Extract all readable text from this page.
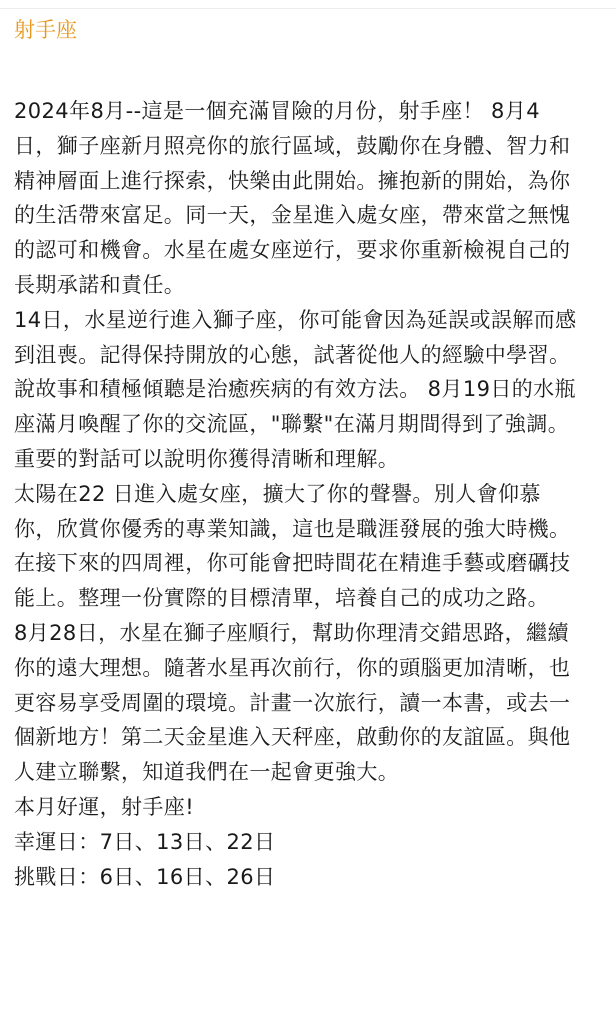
射手座

2024年8月--這是一個充滿冒險的月份，射手座！ 8月4

日，獅子座新月照亮你的旅行區域，鼓勵你在身體、智力和

精神層面上進行探索，快樂由此開始。擁抱新的開始，為你

的生活帶來富足。同一天，金星進入處女座，帶來當之無愧

的認可和機會。水星在處女座逆行，要求你重新檢視自己的

長期承諾和責任。

14日，水星逆行進入獅子座，你可能會因為延誤或誤解而感

到沮喪。記得保持開放的心態，試著從他人的經驗中學習。

說故事和積極傾聽是治癒疾病的有效方法。 8月19日的水瓶

座滿月喚醒了你的交流區，"聯繫"在滿月期間得到了強調。

重要的對話可以說明你獲得清晰和理解。

太陽在22 日進入處女座，擴大了你的聲譽。別人會仰慕

你，欣賞你優秀的專業知識，這也是職涯發展的強大時機。

在接下來的四周裡，你可能會把時間花在精進手藝或磨礪技

能上。整理一份實際的目標清單，培養自己的成功之路。

8月28日，水星在獅子座順行，幫助你理清交錯思路，繼續

你的遠大理想。隨著水星再次前行，你的頭腦更加清晰，也

更容易享受周圍的環境。計畫一次旅行，讀一本書，或去一

個新地方！第二天金星進入天秤座，啟動你的友誼區。與他

人建立聯繫，知道我們在一起會更強大。

本月好運，射手座!

幸運日：7日、13日、22日

挑戰日：6日、16日、26日
